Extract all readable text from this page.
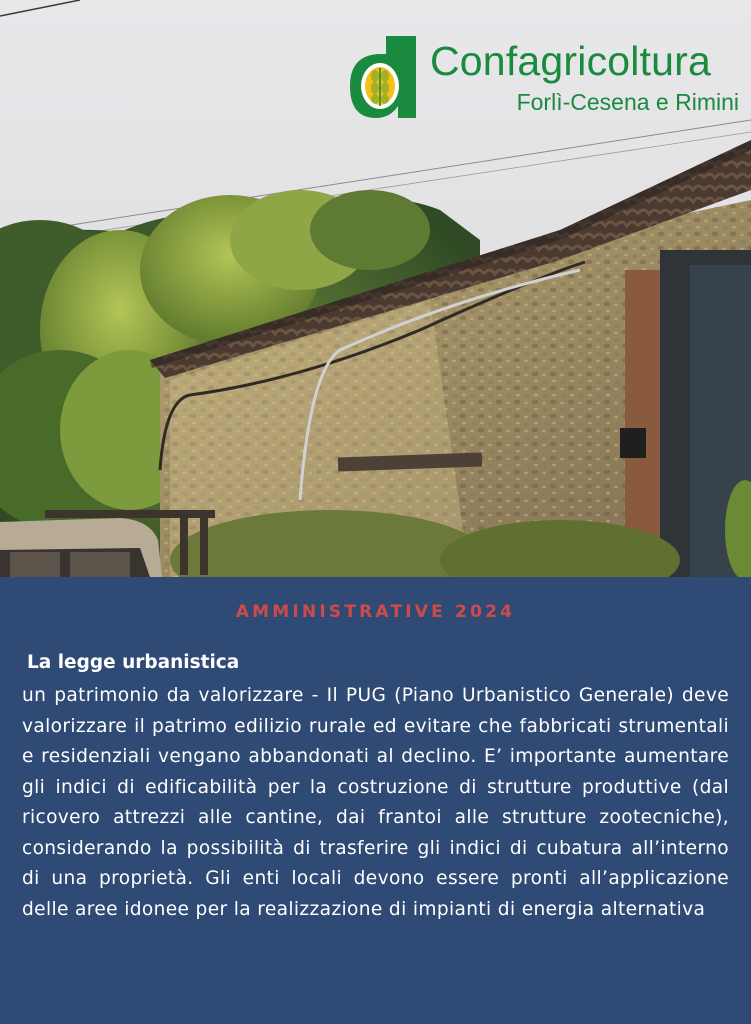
Confagricoltura
Forlì-Cesena e Rimini
AMMINISTRATIVE 2024
La legge urbanistica

un patrimonio da valorizzare - Il PUG (Piano Urbanistico Generale) deve valorizzare il patrimo edilizio rurale ed evitare che fabbricati strumentali e residenziali vengano abbandonati al declino. E’ importante aumentare gli indici di edificabilità per la costruzione di strutture produttive (dal ricovero attrezzi alle cantine, dai frantoi alle strutture zootecniche), considerando la possibilità di trasferire gli indici di cubatura all’interno di una proprietà. Gli enti locali devono essere pronti all’applicazione delle aree idonee per la realizzazione di impianti di energia alternativa
